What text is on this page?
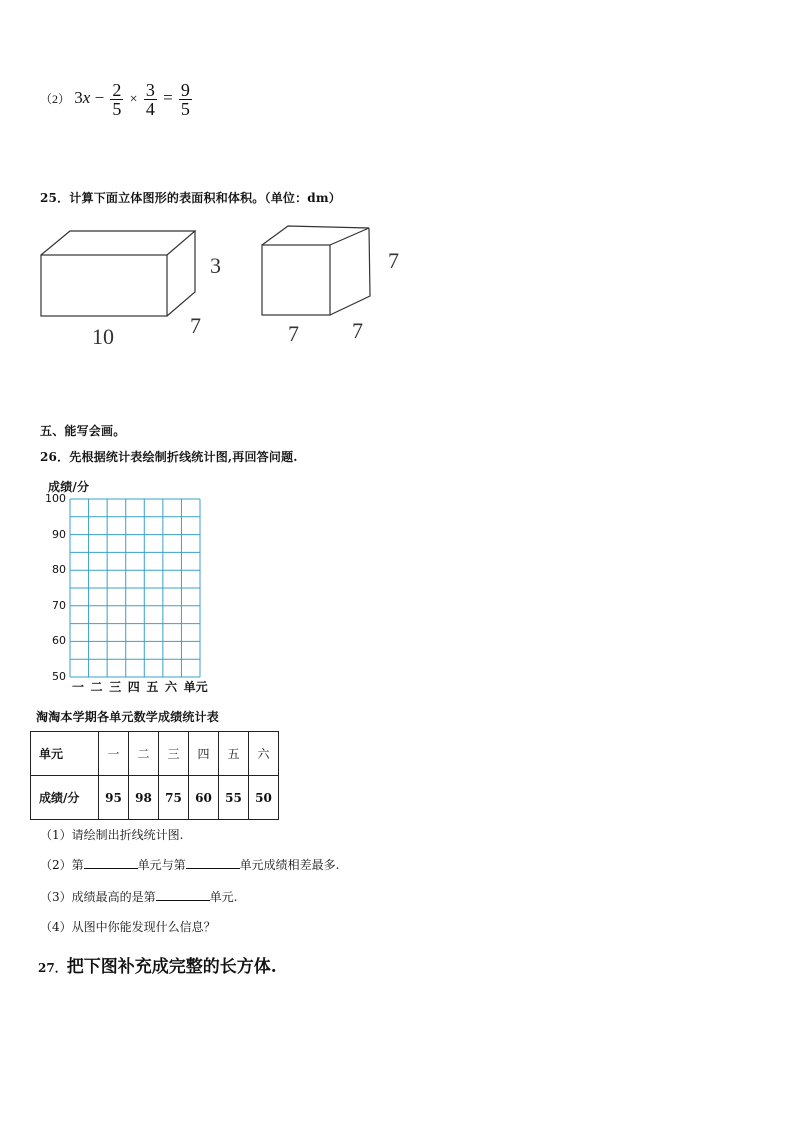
（2） $3x - \frac{2}{5} \times \frac{3}{4} = \frac{9}{5}$
25．计算下面立体图形的表面积和体积。（单位：dm）
3
10	7
7
7 7
五、能写会画。
26．先根据统计表绘制折线统计图,再回答问题.
成绩/分
100
90
80
70
60
50
一 二 三 四 五 六 单元
淘淘本学期各单元数学成绩统计表
单元	一	二	三	四	五	六
成绩/分	95	98	75	60	55	50
（1）请绘制出折线统计图.
（2）第	单元与第	单元成绩相差最多.
（3）成绩最高的是第	单元.
（4）从图中你能发现什么信息？
27．把下图补充成完整的长方体.
